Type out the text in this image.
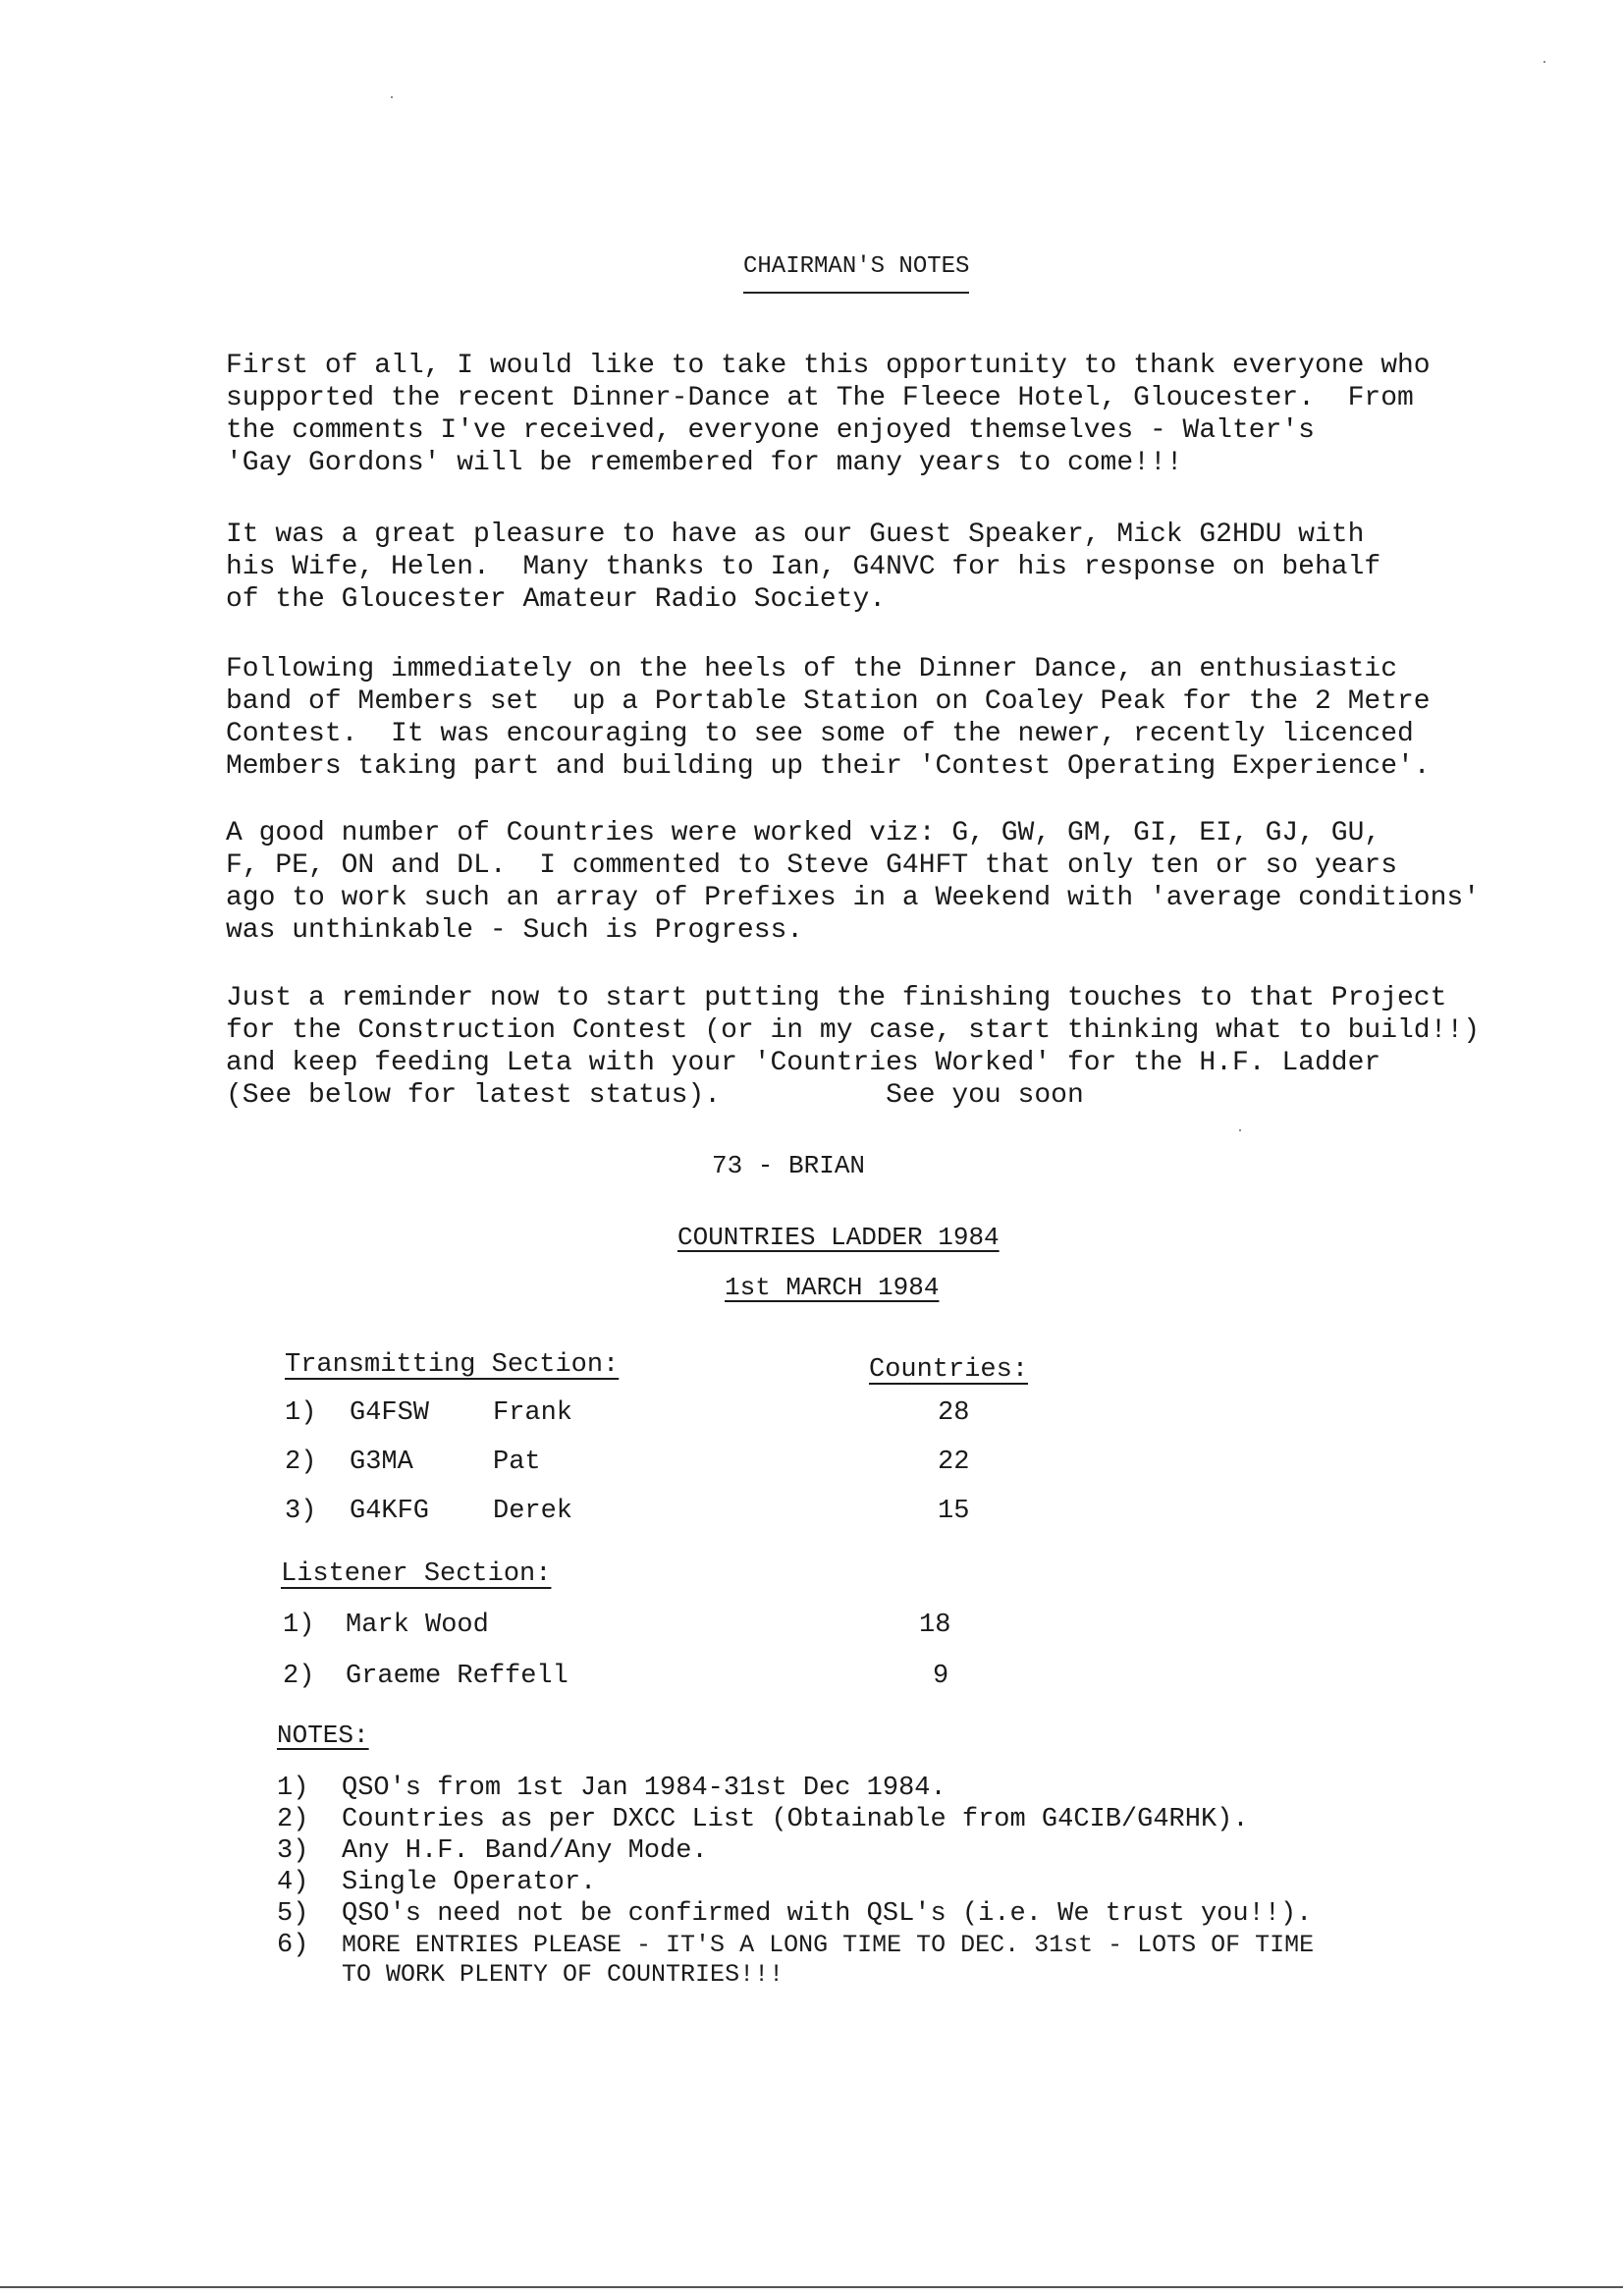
CHAIRMAN'S NOTES

First of all, I would like to take this opportunity to thank everyone who
supported the recent Dinner-Dance at The Fleece Hotel, Gloucester.  From
the comments I've received, everyone enjoyed themselves - Walter's
'Gay Gordons' will be remembered for many years to come!!!

It was a great pleasure to have as our Guest Speaker, Mick G2HDU with
his Wife, Helen.  Many thanks to Ian, G4NVC for his response on behalf
of the Gloucester Amateur Radio Society.

Following immediately on the heels of the Dinner Dance, an enthusiastic
band of Members set  up a Portable Station on Coaley Peak for the 2 Metre
Contest.  It was encouraging to see some of the newer, recently licenced
Members taking part and building up their 'Contest Operating Experience'.

A good number of Countries were worked viz: G, GW, GM, GI, EI, GJ, GU,
F, PE, ON and DL.  I commented to Steve G4HFT that only ten or so years
ago to work such an array of Prefixes in a Weekend with 'average conditions'
was unthinkable - Such is Progress.

Just a reminder now to start putting the finishing touches to that Project
for the Construction Contest (or in my case, start thinking what to build!!)
and keep feeding Leta with your 'Countries Worked' for the H.F. Ladder
(See below for latest status).          See you soon

73 - BRIAN
COUNTRIES LADDER 1984
1st MARCH 1984
Transmitting Section:	Countries:
1) G4FSW Frank	28
2) G3MA	Pat	22
3) G4KFG Derek	15
Listener Section:
1) Mark Wood	18
2) Graeme Reffell	9
NOTES:
1) QSO's from 1st Jan 1984-31st Dec 1984.
2) Countries as per DXCC List (Obtainable from G4CIB/G4RHK).
3) Any H.F. Band/Any Mode.
4) Single Operator.
5) QSO's need not be confirmed with QSL's (i.e. We trust you!!).
6) MORE ENTRIES PLEASE - IT'S A LONG TIME TO DEC. 31st - LOTS OF TIME
TO WORK PLENTY OF COUNTRIES!!!
